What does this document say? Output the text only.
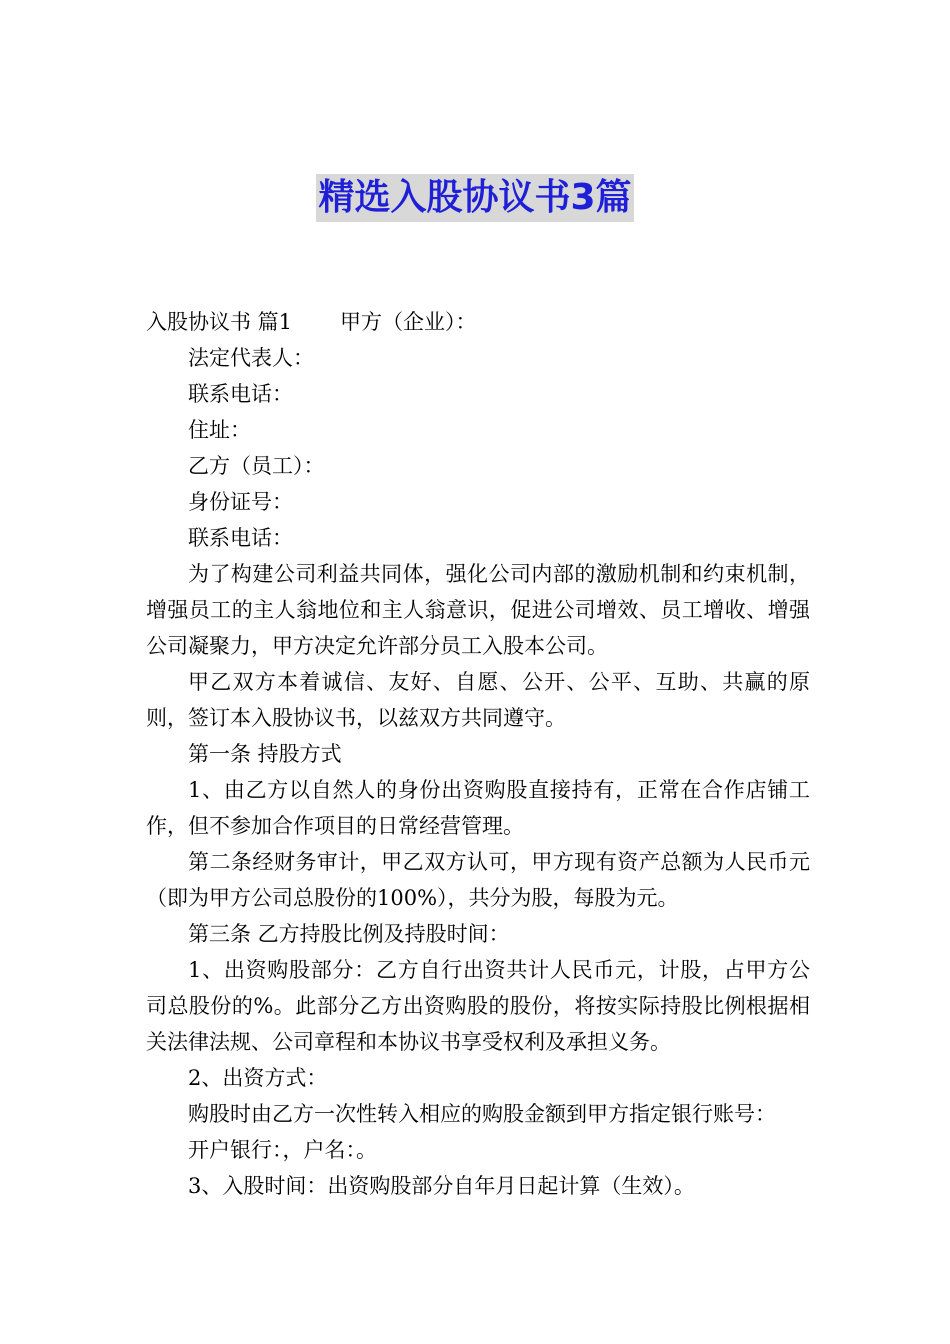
精选入股协议书3篇

入股协议书 篇1 甲方（企业）：

法定代表人：

联系电话：

住址：

乙方（员工）：

身份证号：

联系电话：

为了构建公司利益共同体，强化公司内部的激励机制和约束机制，增强员工的主人翁地位和主人翁意识，促进公司增效、员工增收、增强公司凝聚力，甲方决定允许部分员工入股本公司。

甲乙双方本着诚信、友好、自愿、公开、公平、互助、共赢的原则，签订本入股协议书，以兹双方共同遵守。

第一条 持股方式

1、由乙方以自然人的身份出资购股直接持有，正常在合作店铺工作，但不参加合作项目的日常经营管理。

第二条经财务审计，甲乙双方认可，甲方现有资产总额为人民币元（即为甲方公司总股份的100%），共分为股，每股为元。

第三条 乙方持股比例及持股时间：

1、出资购股部分：乙方自行出资共计人民币元，计股，占甲方公司总股份的%。此部分乙方出资购股的股份，将按实际持股比例根据相关法律法规、公司章程和本协议书享受权利及承担义务。

2、出资方式：

购股时由乙方一次性转入相应的购股金额到甲方指定银行账号：

开户银行：，户名：。

3、入股时间：出资购股部分自年月日起计算（生效）。
